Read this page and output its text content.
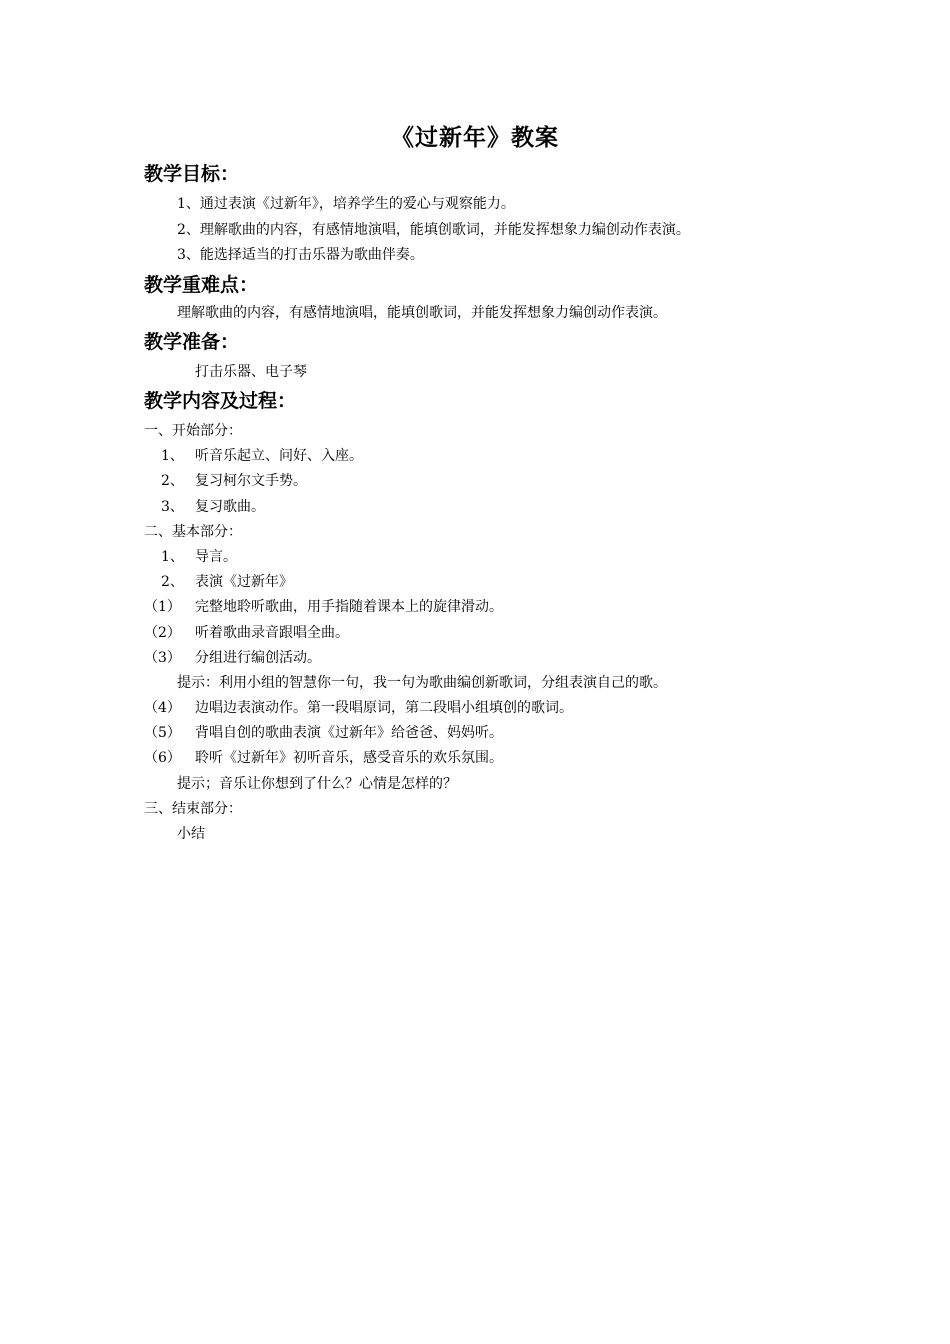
《过新年》教案
教学目标：
1、通过表演《过新年》，培养学生的爱心与观察能力。
2、理解歌曲的内容，有感情地演唱，能填创歌词，并能发挥想象力编创动作表演。
3、能选择适当的打击乐器为歌曲伴奏。
教学重难点：
理解歌曲的内容，有感情地演唱，能填创歌词，并能发挥想象力编创动作表演。
教学准备：
打击乐器、电子琴
教学内容及过程：
一、开始部分：
1、 听音乐起立、问好、入座。
2、 复习柯尔文手势。
3、 复习歌曲。
二、基本部分：
1、 导言。
2、 表演《过新年》
（1） 完整地聆听歌曲，用手指随着课本上的旋律滑动。
（2） 听着歌曲录音跟唱全曲。
（3） 分组进行编创活动。
提示：利用小组的智慧你一句，我一句为歌曲编创新歌词，分组表演自己的歌。
（4） 边唱边表演动作。第一段唱原词，第二段唱小组填创的歌词。
（5） 背唱自创的歌曲表演《过新年》给爸爸、妈妈听。
（6） 聆听《过新年》初听音乐，感受音乐的欢乐氛围。
提示；音乐让你想到了什么？心情是怎样的？
三、结束部分：
小结
